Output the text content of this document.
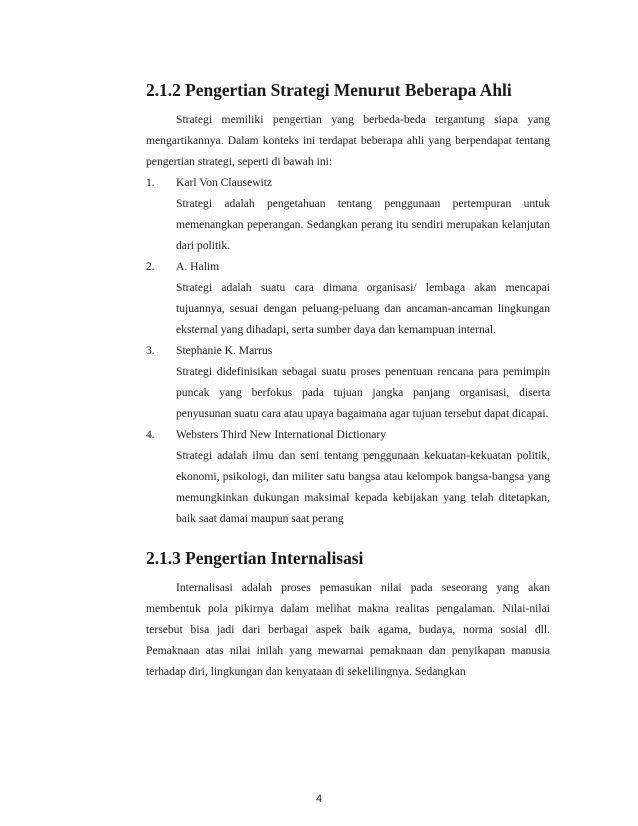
2.1.2 Pengertian Strategi Menurut Beberapa Ahli

Strategi memiliki pengertian yang berbeda-beda tergantung siapa yang mengartikannya. Dalam konteks ini terdapat beberapa ahli yang berpendapat tentang pengertian strategi, seperti di bawah ini:

1. Karl Von Clausewitz
Strategi adalah pengetahuan tentang penggunaan pertempuran untuk memenangkan peperangan. Sedangkan perang itu sendiri merupakan kelanjutan dari politik.
2. A. Halim
Strategi adalah suatu cara dimana organisasi/ lembaga akan mencapai tujuannya, sesuai dengan peluang-peluang dan ancaman-ancaman lingkungan eksternal yang dihadapi, serta sumber daya dan kemampuan internal.
3. Stephanie K. Marrus
Strategi didefinisikan sebagai suatu proses penentuan rencana para pemimpin puncak yang berfokus pada tujuan jangka panjang organisasi, diserta penyusunan suatu cara atau upaya bagaimana agar tujuan tersebut dapat dicapai.
4. Websters Third New International Dictionary
Strategi adalah ilmu dan seni tentang penggunaan kekuatan-kekuatan politik, ekonomi, psikologi, dan militer satu bangsa atau kelompok bangsa-bangsa yang memungkinkan dukungan maksimal kepada kebijakan yang telah ditetapkan, baik saat damai maupun saat perang
2.1.3 Pengertian Internalisasi

Internalisasi adalah proses pemasukan nilai pada seseorang yang akan membentuk pola pikirnya dalam melihat makna realitas pengalaman. Nilai-nilai tersebut bisa jadi dari berbagai aspek baik agama, budaya, norma sosial dll. Pemaknaan atas nilai inilah yang mewarnai pemaknaan dan penyikapan manusia terhadap diri, lingkungan dan kenyataan di sekelilingnya. Sedangkan

4
